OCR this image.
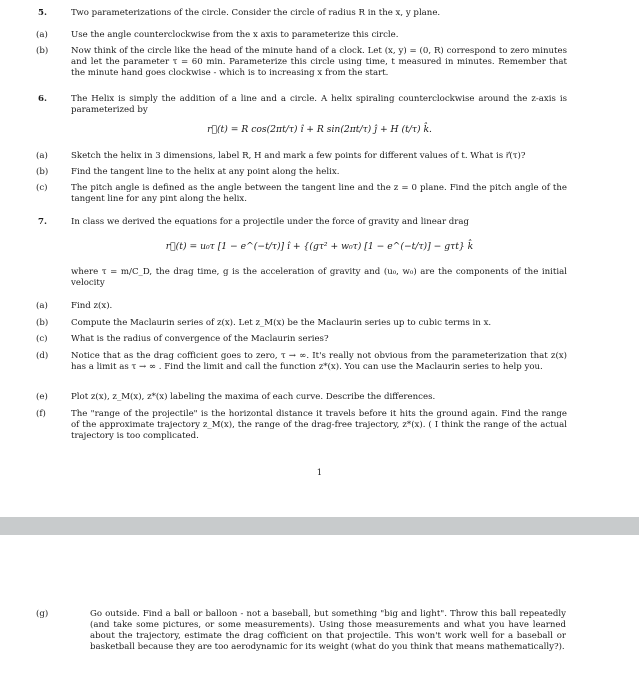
5.	Two parameterizations of the circle. Consider the circle of radius R in the x, y plane.
(a)	Use the angle counterclockwise from the x axis to parameterize this circle.
(b)	Now think of the circle like the head of the minute hand of a clock. Let (x, y) = (0, R) correspond to zero minutes and let the parameter τ = 60 min. Parameterize this circle using time, t measured in minutes. Remember that the minute hand goes clockwise - which is to increasing x from the start.
6.	The Helix is simply the addition of a line and a circle. A helix spiraling counterclockwise around the z-axis is parameterized by
r⃗(t) = R cos(2πt/τ) î + R sin(2πt/τ) ĵ + H (t/τ) k̂.
(a)	Sketch the helix in 3 dimensions, label R, H and mark a few points for different values of t. What is r⃗(τ)?
(b)	Find the tangent line to the helix at any point along the helix.
(c)	The pitch angle is defined as the angle between the tangent line and the z = 0 plane. Find the pitch angle of the tangent line for any pint along the helix.
7.	In class we derived the equations for a projectile under the force of gravity and linear drag
r⃗(t) = u₀τ [1 − e^(−t/τ)] î + {(gτ² + w₀τ) [1 − e^(−t/τ)] − gτt} k̂
where τ = m/C_D, the drag time, g is the acceleration of gravity and (u₀, w₀) are the components of the initial velocity
(a)	Find z(x).
(b)	Compute the Maclaurin series of z(x). Let z_M(x) be the Maclaurin series up to cubic terms in x.
(c)	What is the radius of convergence of the Maclaurin series?
(d)	Notice that as the drag cofficient goes to zero, τ → ∞. It's really not obvious from the parameterization that z(x) has a limit as τ → ∞ . Find the limit and call the function z*(x). You can use the Maclaurin series to help you.
(e)	Plot z(x), z_M(x), z*(x) labeling the maxima of each curve. Describe the differences.
(f)	The "range of the projectile" is the horizontal distance it travels before it hits the ground again. Find the range of the approximate trajectory z_M(x), the range of the drag-free trajectory, z*(x). ( I think the range of the actual trajectory is too complicated.
1
(g)	Go outside. Find a ball or balloon - not a baseball, but something "big and light". Throw this ball repeatedly (and take some pictures, or some measurements). Using those measurements and what you have learned about the trajectory, estimate the drag cofficient on that projectile. This won't work well for a baseball or basketball because they are too aerodynamic for its weight (what do you think that means mathematically?).
